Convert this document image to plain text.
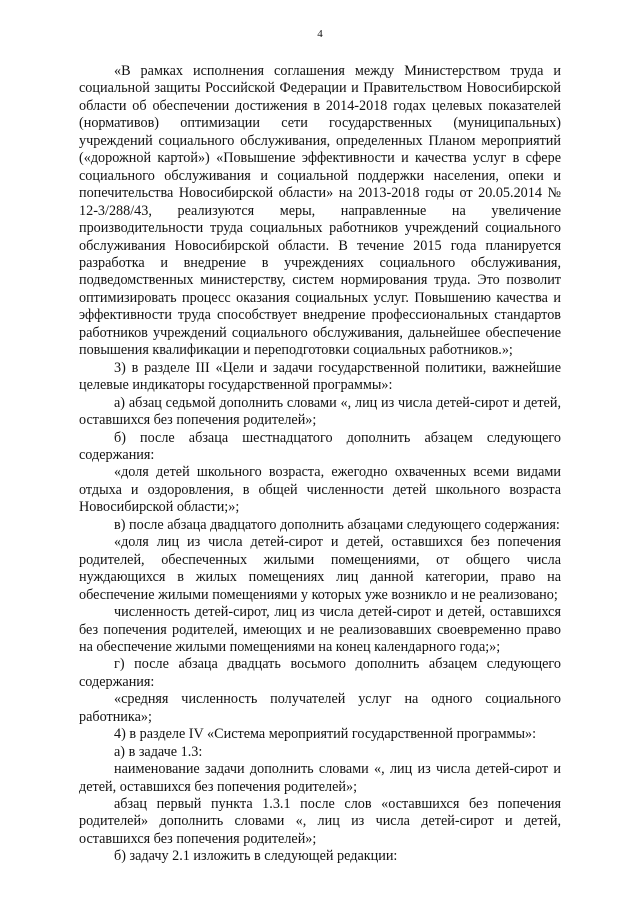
4

«В рамках исполнения соглашения между Министерством труда и социальной защиты Российской Федерации и Правительством Новосибирской области об обеспечении достижения в 2014-2018 годах целевых показателей (нормативов) оптимизации сети государственных (муниципальных) учреждений социального обслуживания, определенных Планом мероприятий («дорожной картой») «Повышение эффективности и качества услуг в сфере социального обслуживания и социальной поддержки населения, опеки и попечительства Новосибирской области» на 2013-2018 годы от 20.05.2014 № 12-3/288/43, реализуются меры, направленные на увеличение производительности труда социальных работников учреждений социального обслуживания Новосибирской области. В течение 2015 года планируется разработка и внедрение в учреждениях социального обслуживания, подведомственных министерству, систем нормирования труда. Это позволит оптимизировать процесс оказания социальных услуг. Повышению качества и эффективности труда способствует внедрение профессиональных стандартов работников учреждений социального обслуживания, дальнейшее обеспечение повышения квалификации и переподготовки социальных работников.»;

3) в разделе III «Цели и задачи государственной политики, важнейшие целевые индикаторы государственной программы»:

а) абзац седьмой дополнить словами «, лиц из числа детей-сирот и детей, оставшихся без попечения родителей»;

б) после абзаца шестнадцатого дополнить абзацем следующего содержания:

«доля детей школьного возраста, ежегодно охваченных всеми видами отдыха и оздоровления, в общей численности детей школьного возраста Новосибирской области;»;

в) после абзаца двадцатого дополнить абзацами следующего содержания:

«доля лиц из числа детей-сирот и детей, оставшихся без попечения родителей, обеспеченных жилыми помещениями, от общего числа нуждающихся в жилых помещениях лиц данной категории, право на обеспечение жилыми помещениями у которых уже возникло и не реализовано;

численность детей-сирот, лиц из числа детей-сирот и детей, оставшихся без попечения родителей, имеющих и не реализовавших своевременно право на обеспечение жилыми помещениями на конец календарного года;»;

г) после абзаца двадцать восьмого дополнить абзацем следующего содержания:

«средняя численность получателей услуг на одного социального работника»;

4) в разделе IV «Система мероприятий государственной программы»:

а) в задаче 1.3:

наименование задачи дополнить словами «, лиц из числа детей-сирот и детей, оставшихся без попечения родителей»;

абзац первый пункта 1.3.1 после слов «оставшихся без попечения родителей» дополнить словами «, лиц из числа детей-сирот и детей, оставшихся без попечения родителей»;

б) задачу 2.1 изложить в следующей редакции:
